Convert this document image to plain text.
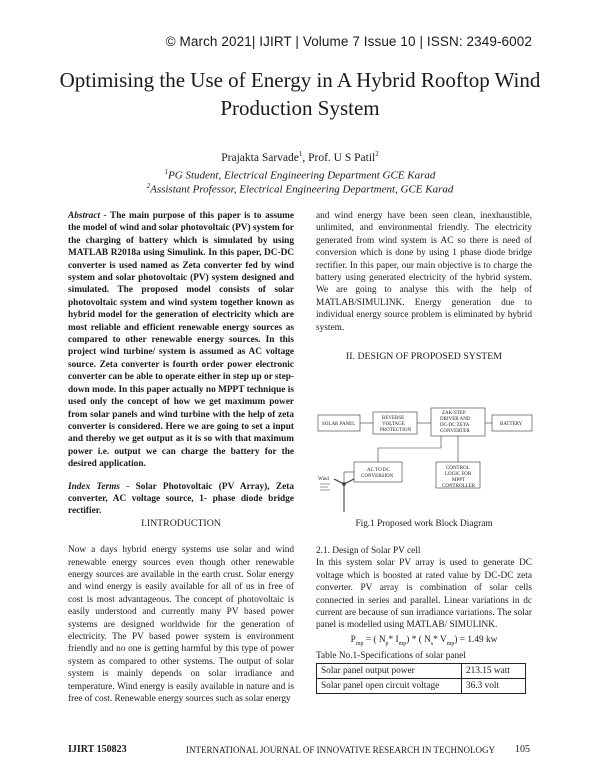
© March 2021| IJIRT | Volume 7 Issue 10 | ISSN: 2349-6002
Optimising the Use of Energy in A Hybrid Rooftop Wind Production System
Prajakta Sarvade$^1$, Prof. U S Patil$^2$
$^1$PG Student, Electrical Engineering Department GCE Karad
$^2$Assistant Professor, Electrical Engineering Department, GCE Karad
Abstract - The main purpose of this paper is to assume the model of wind and solar photovoltaic (PV) system for the charging of battery which is simulated by using MATLAB R2018a using Simulink. In this paper, DC-DC converter is used named as Zeta converter fed by wind system and solar photovoltaic (PV) system designed and simulated. The proposed model consists of solar photovoltaic system and wind system together known as hybrid model for the generation of electricity which are most reliable and efficient renewable energy sources as compared to other renewable energy sources. In this project wind turbine/ system is assumed as AC voltage source. Zeta converter is fourth order power electronic converter can be able to operate either in step up or step-down mode. In this paper actually no MPPT technique is used only the concept of how we get maximum power from solar panels and wind turbine with the help of zeta converter is considered. Here we are going to set a input and thereby we get output as it is so with that maximum power i.e. output we can charge the battery for the desired application.
Index Terms - Solar Photovoltaic (PV Array), Zeta converter, AC voltage source, 1- phase diode bridge rectifier.
I.INTRODUCTION
Now a days hybrid energy systems use solar and wind renewable energy sources even though other renewable energy sources are available in the earth crust. Solar energy and wind energy is easily available for all of us in free of cost is most advantageous. The concept of photovoltaic is easily understood and currently many PV based power systems are designed worldwide for the generation of electricity. The PV based power system is environment friendly and no one is getting harmful by this type of power system as compared to other systems. The output of solar system is mainly depends on solar irradiance and temperature. Wind energy is easily available in nature and is free of cost. Renewable energy sources such as solar energy
and wind energy have been seen clean, inexhaustible, unlimited, and environmental friendly. The electricity generated from wind system is AC so there is need of conversion which is done by using 1 phase diode bridge rectifier. In this paper, our main objective is to charge the battery using generated electricity of the hybrid system. We are going to analyse this with the help of MATLAB/SIMULINK. Energy generation due to individual energy source problem is eliminated by hybrid system.
II. DESIGN OF PROPOSED SYSTEM
SOLAR PANEL
REVERSE
VOLTAGE
PROTECTION
ZAK-STEP
DRIVER AND
DC-DC ZETA
CONVERTER
BATTERY
CONTROL
LOGIC FOR
MPPT
CONTROLLER
AC TO DC
CONVERSION
Wind
Fig.1 Proposed work Block Diagram
2.1. Design of Solar PV cell
In this system solar PV array is used to generate DC voltage which is boosted at rated value by DC-DC zeta converter. PV array is combination of solar cells connected in series and parallel. Linear variations in dc current are because of sun irradiance variations. The solar panel is modelled using MATLAB/ SIMULINK.
$P_{mp}$ = ( $N_p*$ $I_{mp}$) * ( $N_s*$ $V_{mp}) = 1.49$ kw
Table No.1-Specifications of solar panel
Solar panel output power	213.15 watt
Solar panel open circuit voltage	36.3 volt
IJIRT 150823	INTERNATIONAL JOURNAL OF INNOVATIVE RESEARCH IN TECHNOLOGY 105
